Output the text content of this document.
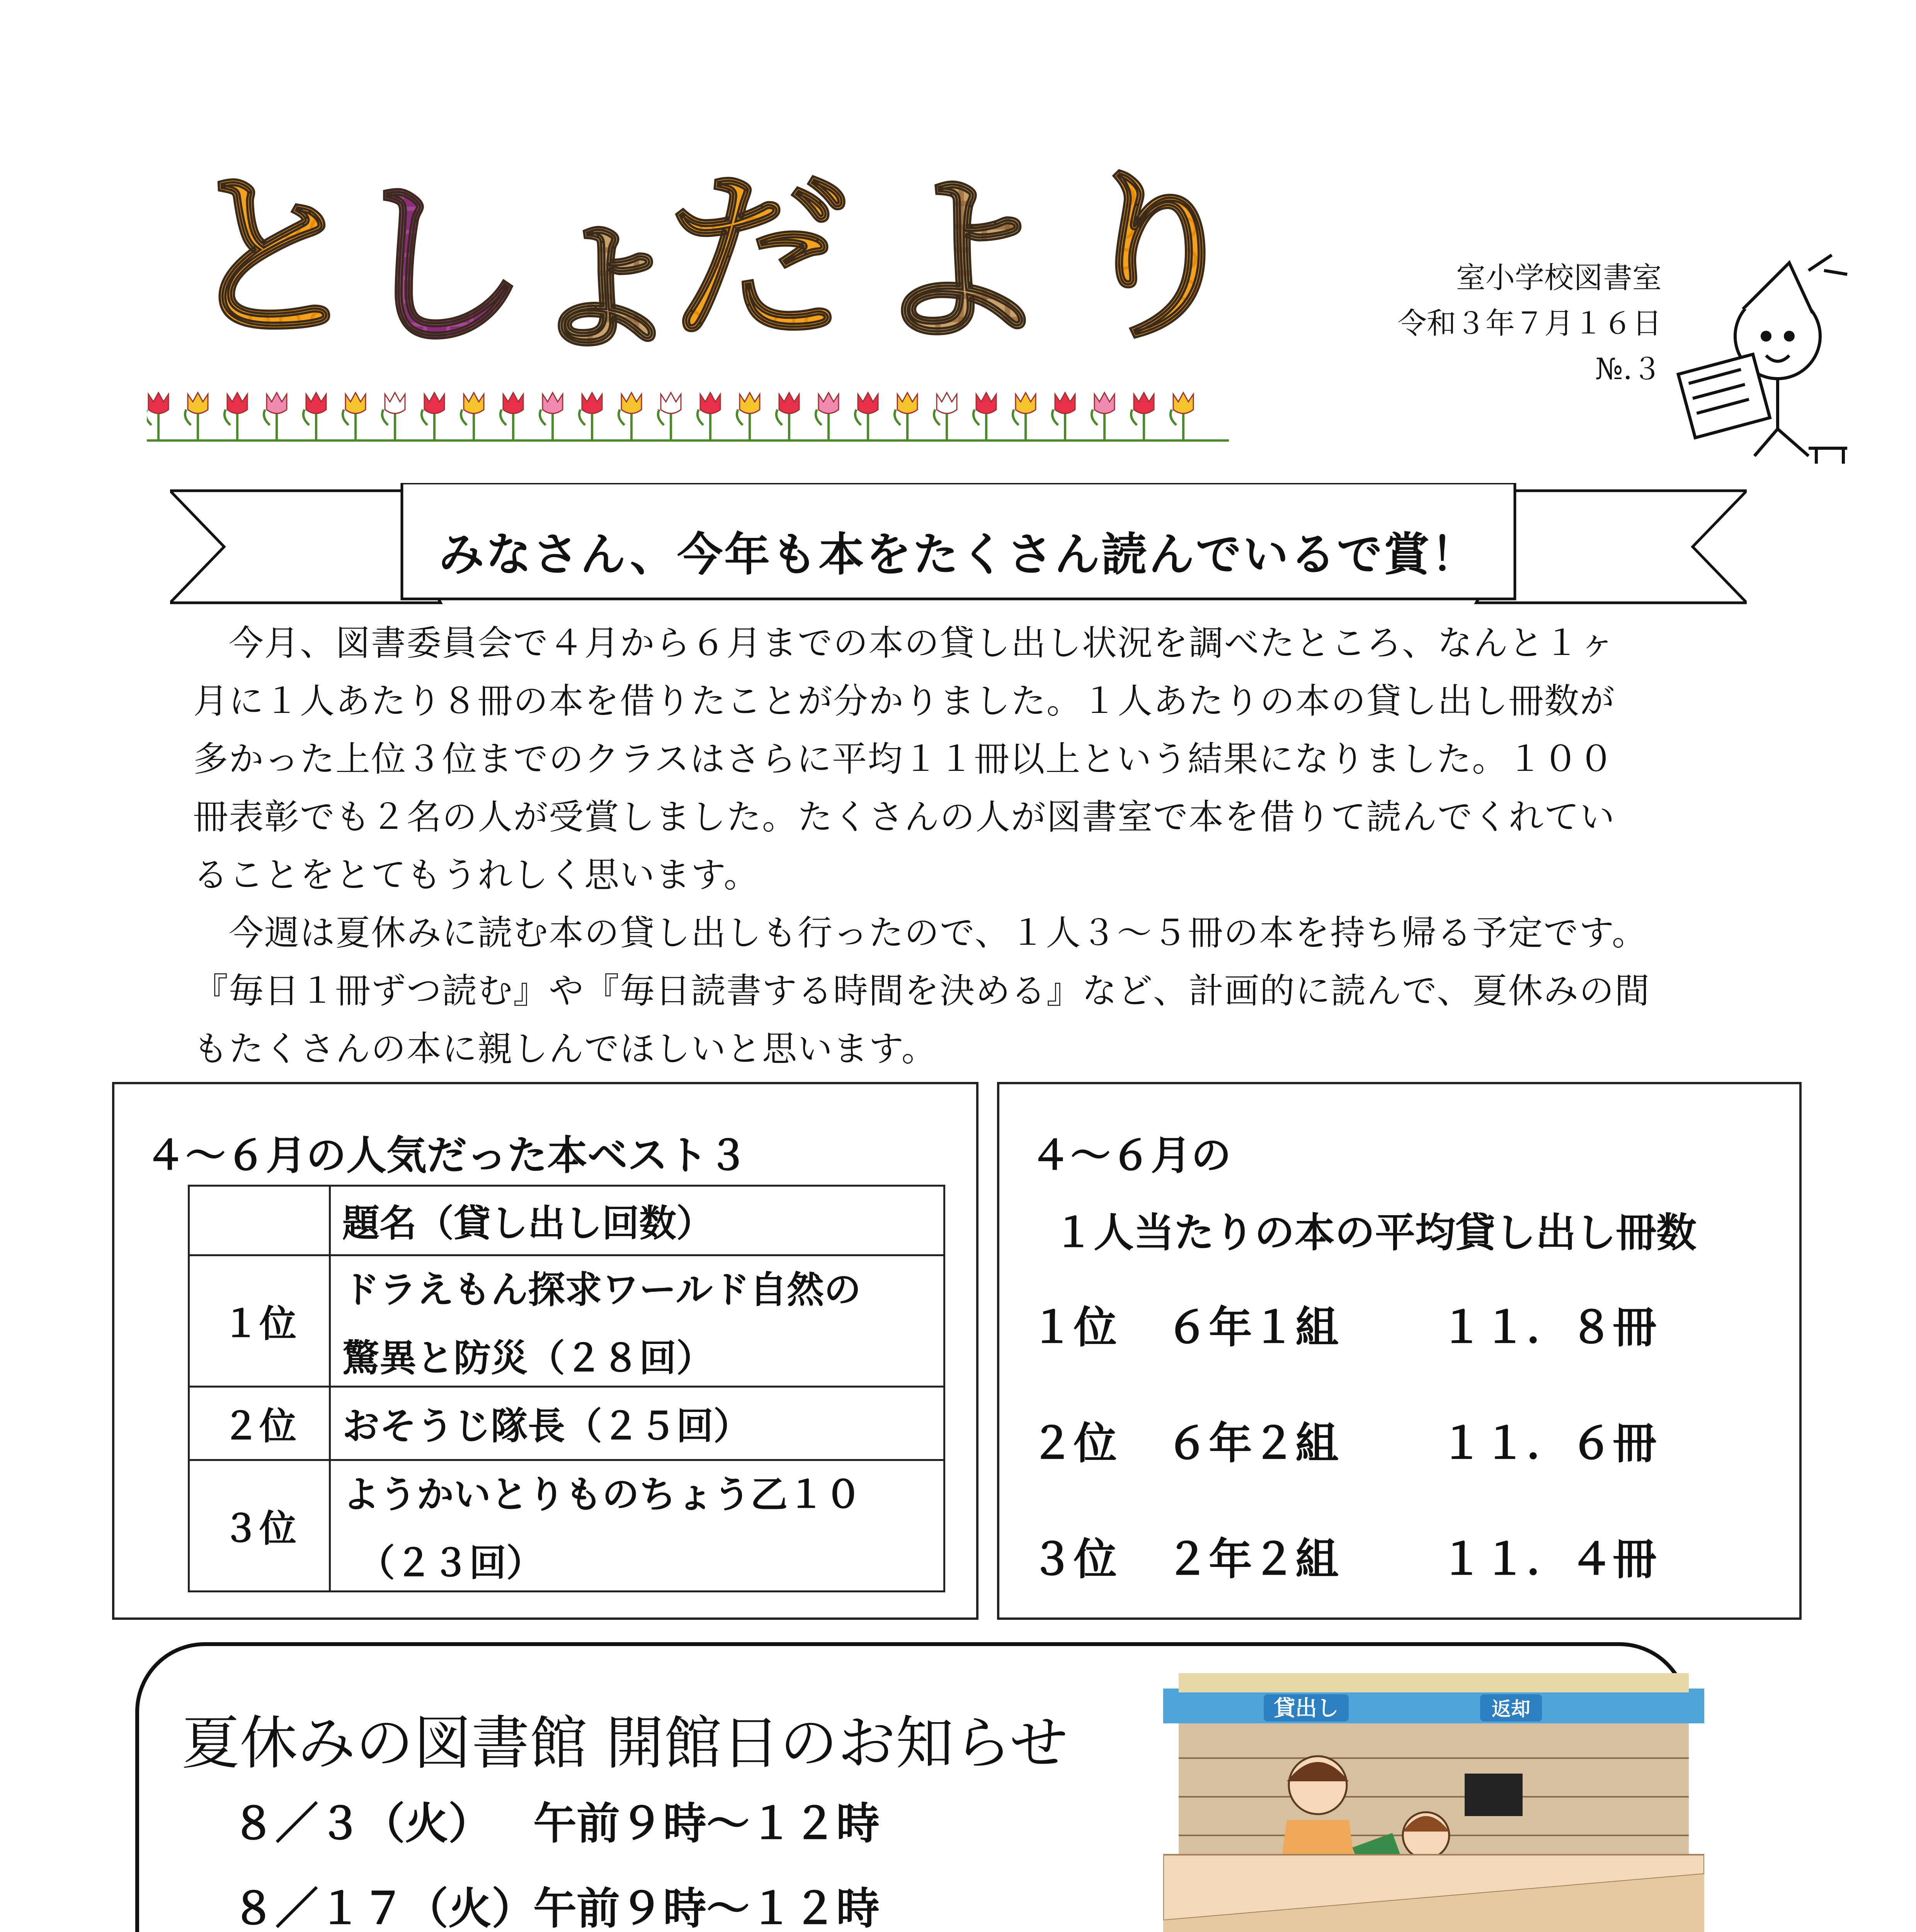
と
し
ょ
だ よ り	室小学校図書室
令和３年７月１６日
№.３
みなさん、今年も本をたくさん読んでいるで賞！
　今月、図書委員会で４月から６月までの本の貸し出し状況を調べたところ、なんと１ヶ
月に１人あたり８冊の本を借りたことが分かりました。１人あたりの本の貸し出し冊数が
多かった上位３位までのクラスはさらに平均１１冊以上という結果になりました。１００
冊表彰でも２名の人が受賞しました。たくさんの人が図書室で本を借りて読んでくれてい
ることをとてもうれしく思います。
　今週は夏休みに読む本の貸し出しも行ったので、１人３～５冊の本を持ち帰る予定です。
『毎日１冊ずつ読む』や『毎日読書する時間を決める』など、計画的に読んで、夏休みの間
もたくさんの本に親しんでほしいと思います。
４～６月の人気だった本ベスト３
	題名（貸し出し回数）
１位	ドラえもん探求ワールド自然の
驚異と防災（２８回）

２位	おそうじ隊長（２５回）
３位	ようかいとりものちょう乙１０
（２３回）
４～６月の
１人当たりの本の平均貸し出し冊数
１位 ６年１組 １１．８冊
２位 ６年２組 １１．６冊
３位 ２年２組 １１．４冊
夏休みの図書館 開館日のお知らせ
８／３（火） 午前９時～１２時
８／１７（火）
午前９時～１２時
貸出し	返却
